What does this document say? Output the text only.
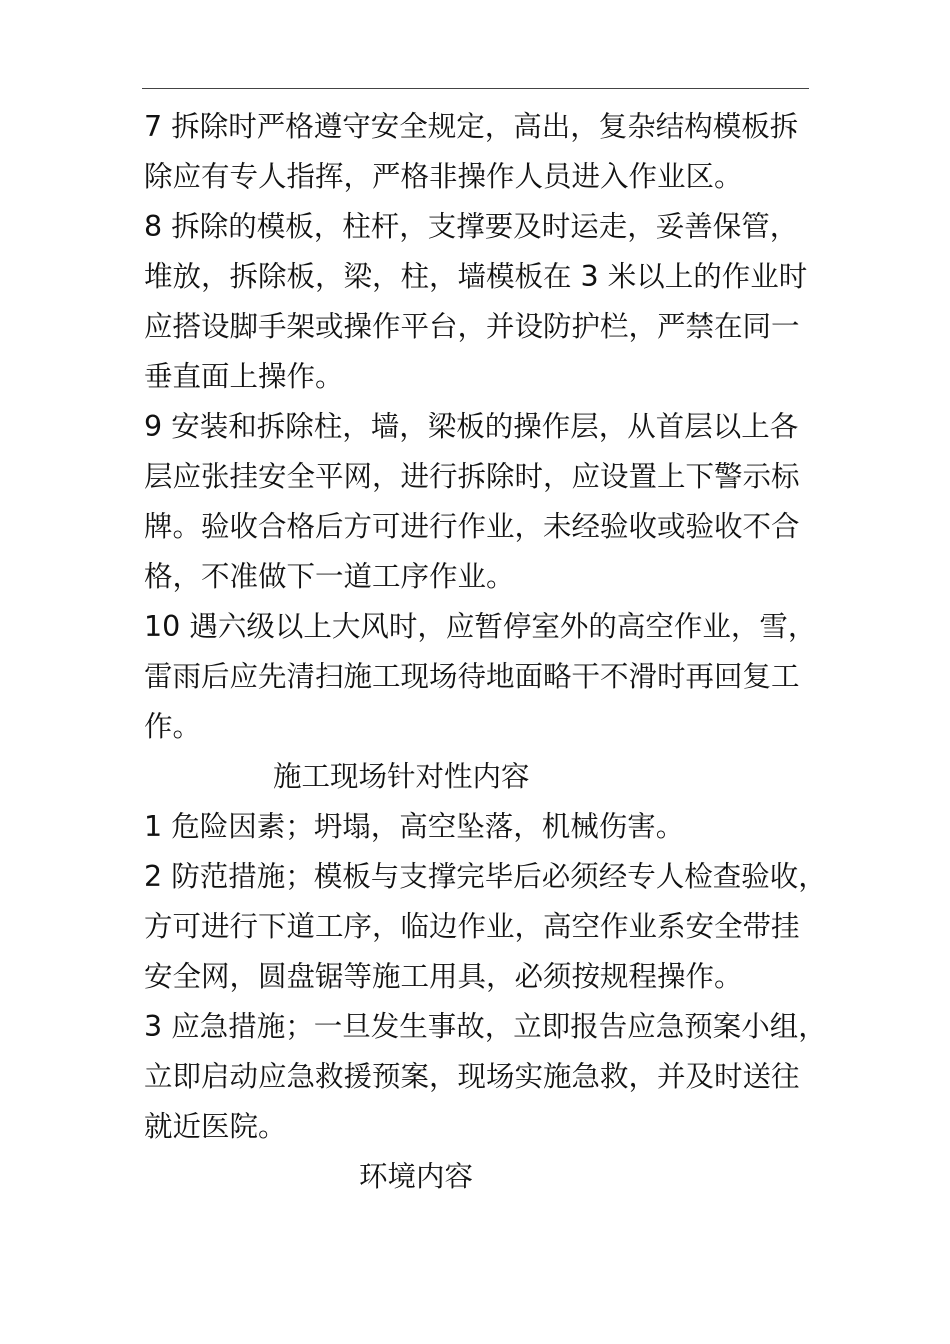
7 拆除时严格遵守安全规定，高出，复杂结构模板拆
除应有专人指挥，严格非操作人员进入作业区。
8 拆除的模板，柱杆，支撑要及时运走，妥善保管，
堆放，拆除板，梁，柱，墙模板在 3 米以上的作业时
应搭设脚手架或操作平台，并设防护栏，严禁在同一
垂直面上操作。
9 安装和拆除柱，墙，梁板的操作层，从首层以上各
层应张挂安全平网，进行拆除时，应设置上下警示标
牌。验收合格后方可进行作业，未经验收或验收不合
格，不准做下一道工序作业。
10 遇六级以上大风时，应暂停室外的高空作业，雪，
雷雨后应先清扫施工现场待地面略干不滑时再回复工
作。
施工现场针对性内容
1 危险因素；坍塌，高空坠落，机械伤害。
2 防范措施；模板与支撑完毕后必须经专人检查验收，
方可进行下道工序，临边作业，高空作业系安全带挂
安全网，圆盘锯等施工用具，必须按规程操作。
3 应急措施；一旦发生事故，立即报告应急预案小组，
立即启动应急救援预案，现场实施急救，并及时送往
就近医院。
环境内容
